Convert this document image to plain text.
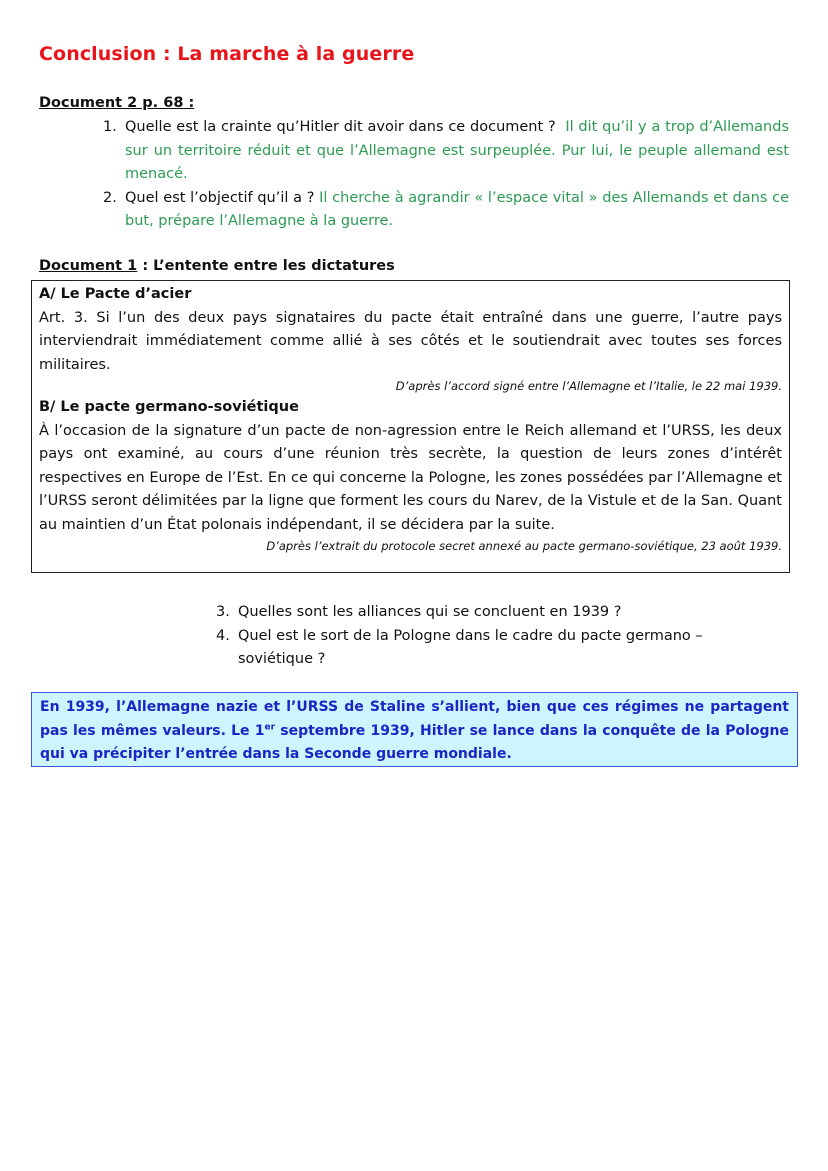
Conclusion : La marche à la guerre
Document 2 p. 68 :
1. Quelle est la crainte qu’Hitler dit avoir dans ce document ? Il dit qu’il y a trop d’Allemands sur un territoire réduit et que l’Allemagne est surpeuplée. Pur lui, le peuple allemand est menacé.
2. Quel est l’objectif qu’il a ? Il cherche à agrandir « l’espace vital » des Allemands et dans ce but, prépare l’Allemagne à la guerre.
Document 1 : L’entente entre les dictatures
A/ Le Pacte d’acier
Art. 3. Si l’un des deux pays signataires du pacte était entraîné dans une guerre, l’autre pays interviendrait immédiatement comme allié à ses côtés et le soutiendrait avec toutes ses forces militaires.
D’après l’accord signé entre l’Allemagne et l’Italie, le 22 mai 1939.
B/ Le pacte germano-soviétique
À l’occasion de la signature d’un pacte de non-agression entre le Reich allemand et l’URSS, les deux pays ont examiné, au cours d’une réunion très secrète, la question de leurs zones d’intérêt respectives en Europe de l’Est. En ce qui concerne la Pologne, les zones possédées par l’Allemagne et l’URSS seront délimitées par la ligne que forment les cours du Narev, de la Vistule et de la San. Quant au maintien d’un État polonais indépendant, il se décidera par la suite.
D’après l’extrait du protocole secret annexé au pacte germano-soviétique, 23 août 1939.
3. Quelles sont les alliances qui se concluent en 1939 ?
4. Quel est le sort de la Pologne dans le cadre du pacte germano – soviétique ?
En 1939, l’Allemagne nazie et l’URSS de Staline s’allient, bien que ces régimes ne partagent pas les mêmes valeurs. Le 1er septembre 1939, Hitler se lance dans la conquête de la Pologne qui va précipiter l’entrée dans la Seconde guerre mondiale.
